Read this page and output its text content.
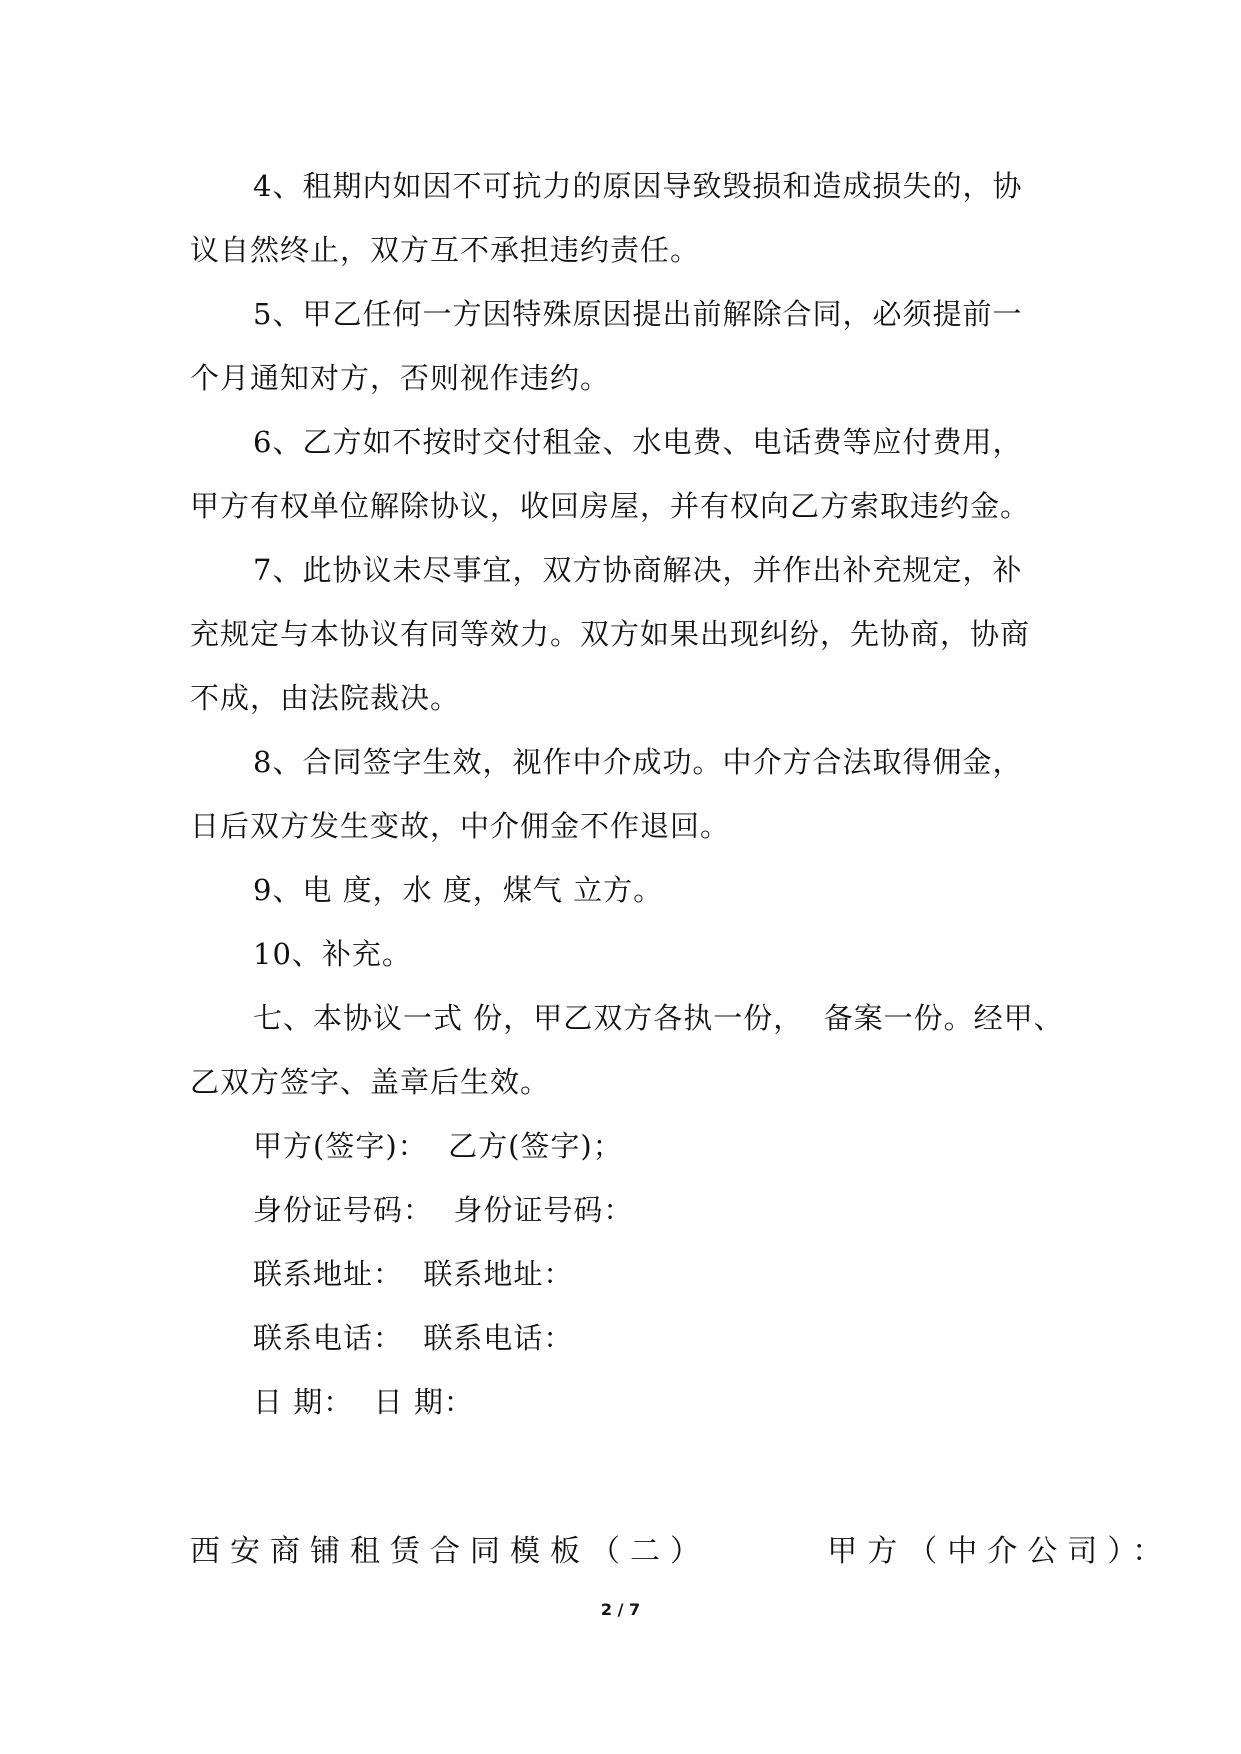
4、租期内如因不可抗力的原因导致毁损和造成损失的，协
议自然终止，双方互不承担违约责任。
5、甲乙任何一方因特殊原因提出前解除合同，必须提前一
个月通知对方，否则视作违约。
6、乙方如不按时交付租金、水电费、电话费等应付费用，
甲方有权单位解除协议，收回房屋，并有权向乙方索取违约金。
7、此协议未尽事宜，双方协商解决，并作出补充规定，补
充规定与本协议有同等效力。双方如果出现纠纷，先协商，协商
不成，由法院裁决。
8、合同签字生效，视作中介成功。中介方合法取得佣金，
日后双方发生变故，中介佣金不作退回。
9、电 度，水 度，煤气 立方。
10、补充。
七、本协议一式 份，甲乙双方各执一份，  备案一份。经甲、
乙双方签字、盖章后生效。
甲方(签字)：  乙方(签字)；
身份证号码：  身份证号码：
联系地址：  联系地址：
联系电话：  联系电话：
日 期：  日 期：
西安商铺租赁合同模板（二）      甲方（中介公司）：
2 / 7
